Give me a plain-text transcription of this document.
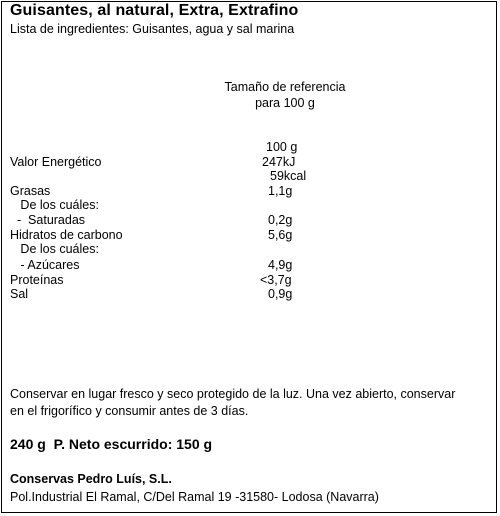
Guisantes, al natural, Extra, Extrafino
Lista de ingredientes: Guisantes, agua y sal marina
Tamaño de referencia
para 100 g
100 g
Valor Energético	247kJ
59kcal
Grasas	1,1g
De los cuáles:
-  Saturadas	0,2g
Hidratos de carbono	5,6g
De los cuáles:
- Azúcares	4,9g
Proteínas	<3,7g
Sal	0,9g
Conservar en lugar fresco y seco protegido de la luz. Una vez abierto, conservar
en el frigorífico y consumir antes de 3 días.
240 g  P. Neto escurrido: 150 g
Conservas Pedro Luís, S.L.
Pol.Industrial El Ramal, C/Del Ramal 19 -31580- Lodosa (Navarra)
